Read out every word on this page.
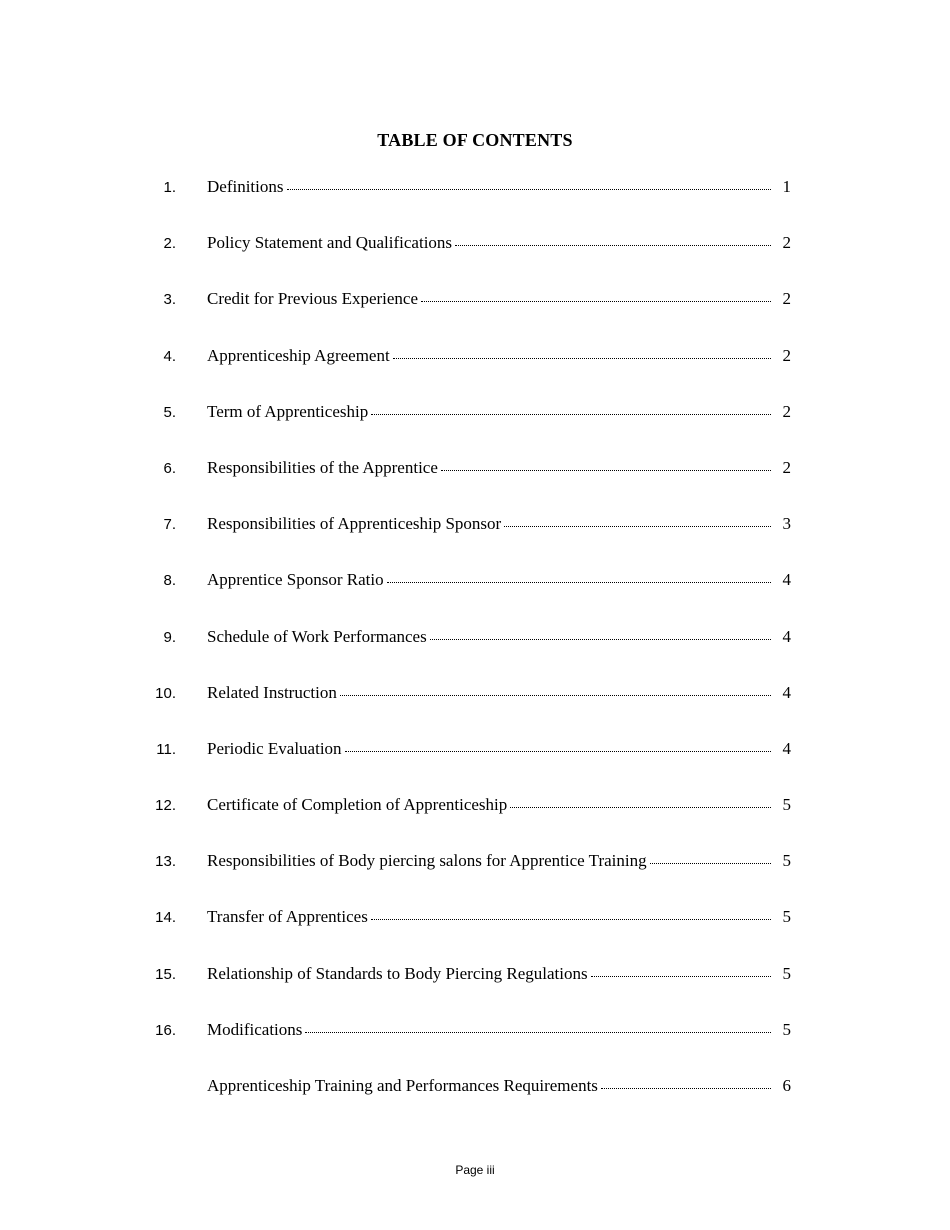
TABLE OF CONTENTS
1. Definitions	1
2. Policy Statement and Qualifications	2
3. Credit for Previous Experience	2
4. Apprenticeship Agreement	2
5. Term of Apprenticeship	2
6. Responsibilities of the Apprentice	2
7. Responsibilities of Apprenticeship Sponsor	3
8. Apprentice Sponsor Ratio	4
9. Schedule of Work Performances	4
10. Related Instruction	4
11. Periodic Evaluation	4
12. Certificate of Completion of Apprenticeship	5
13. Responsibilities of Body piercing salons for Apprentice Training	5
14. Transfer of Apprentices	5
15. Relationship of Standards to Body Piercing Regulations	5
16. Modifications	5
Apprenticeship Training and Performances Requirements	6
Page iii
